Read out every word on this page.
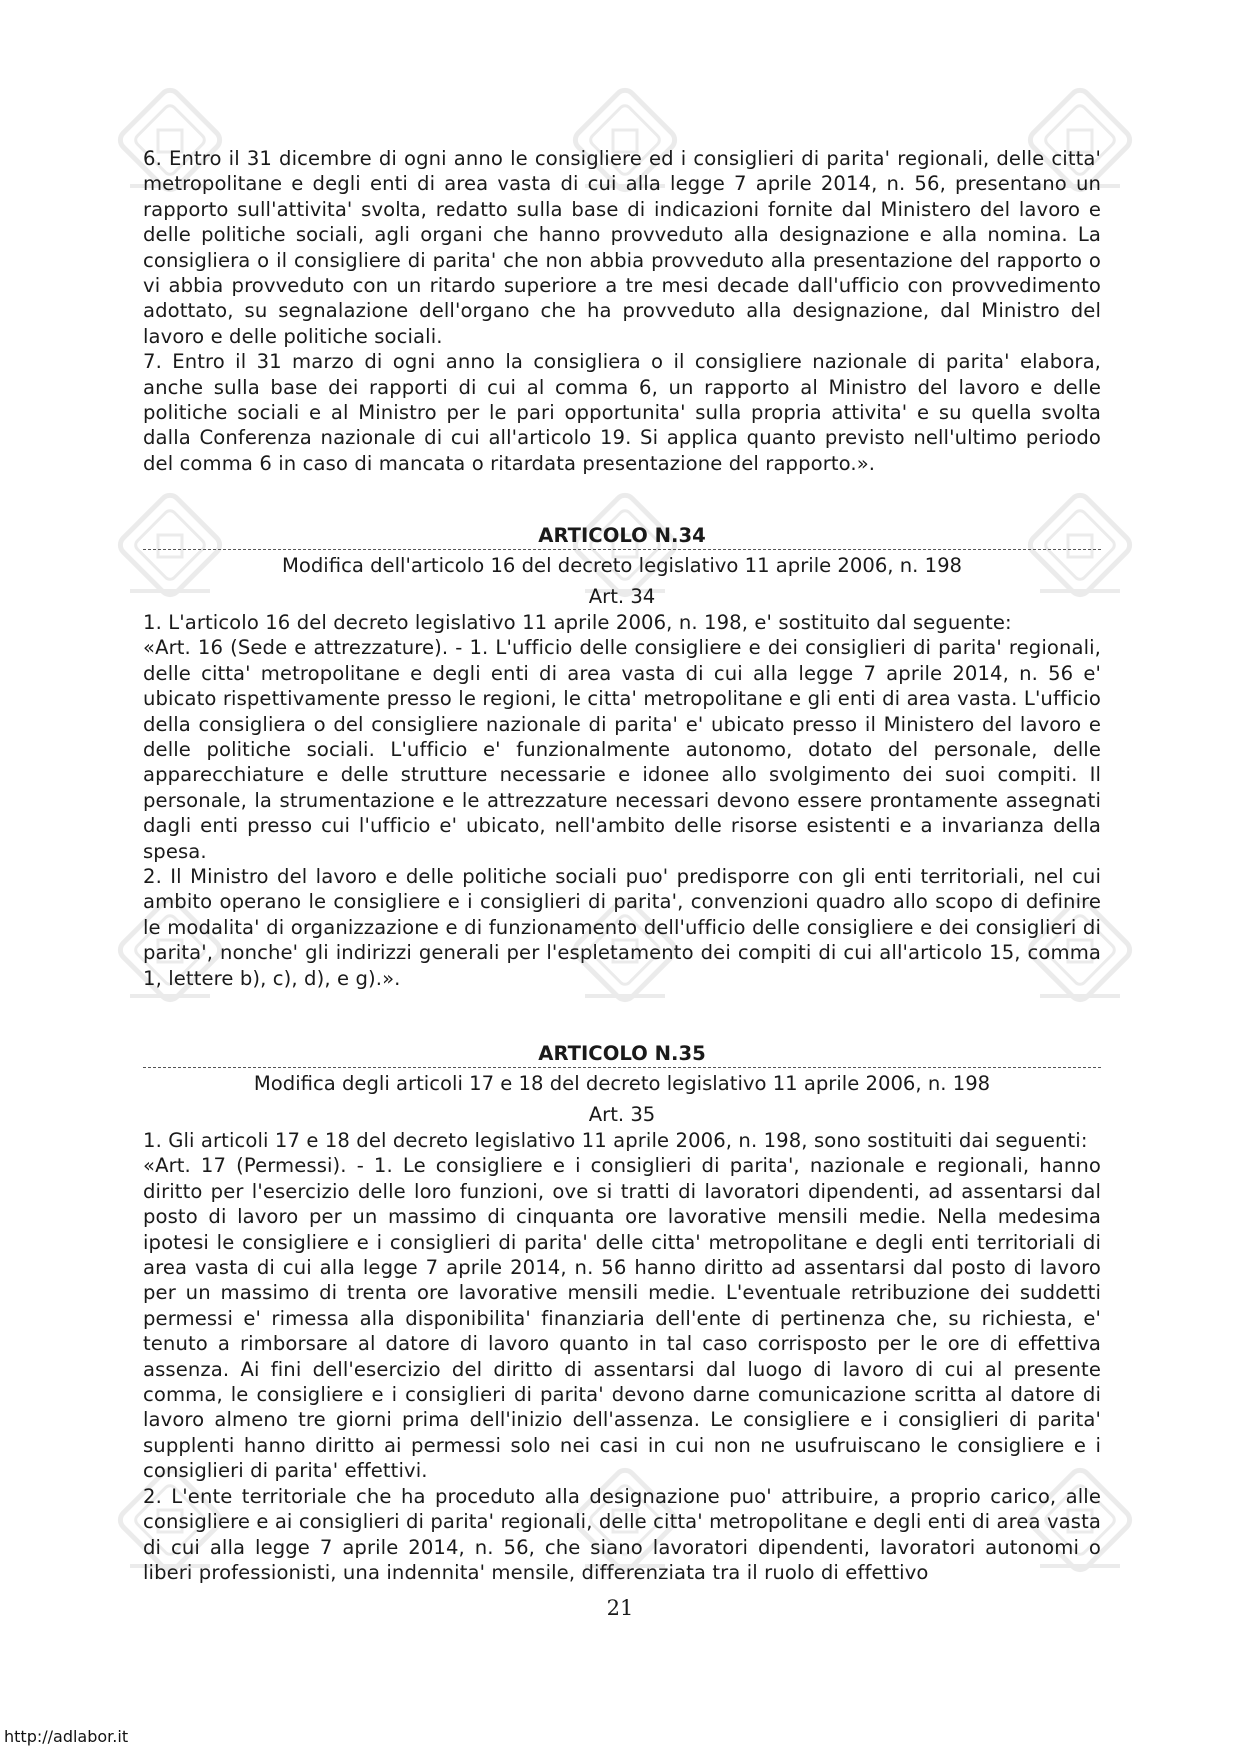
6. Entro il 31 dicembre di ogni anno le consigliere ed i consiglieri di parita' regionali, delle citta' metropolitane e degli enti di area vasta di cui alla legge 7 aprile 2014, n. 56, presentano un rapporto sull'attivita' svolta, redatto sulla base di indicazioni fornite dal Ministero del lavoro e delle politiche sociali, agli organi che hanno provveduto alla designazione e alla nomina. La consigliera o il consigliere di parita' che non abbia provveduto alla presentazione del rapporto o vi abbia provveduto con un ritardo superiore a tre mesi decade dall'ufficio con provvedimento adottato, su segnalazione dell'organo che ha provveduto alla designazione, dal Ministro del lavoro e delle politiche sociali.

7. Entro il 31 marzo di ogni anno la consigliera o il consigliere nazionale di parita' elabora, anche sulla base dei rapporti di cui al comma 6, un rapporto al Ministro del lavoro e delle politiche sociali e al Ministro per le pari opportunita' sulla propria attivita' e su quella svolta dalla Conferenza nazionale di cui all'articolo 19. Si applica quanto previsto nell'ultimo periodo del comma 6 in caso di mancata o ritardata presentazione del rapporto.».

ARTICOLO N.34
Modifica dell'articolo 16 del decreto legislativo 11 aprile 2006, n. 198
Art. 34

1. L'articolo 16 del decreto legislativo 11 aprile 2006, n. 198, e' sostituito dal seguente:

«Art. 16 (Sede e attrezzature). - 1. L'ufficio delle consigliere e dei consiglieri di parita' regionali, delle citta' metropolitane e degli enti di area vasta di cui alla legge 7 aprile 2014, n. 56 e' ubicato rispettivamente presso le regioni, le citta' metropolitane e gli enti di area vasta. L'ufficio della consigliera o del consigliere nazionale di parita' e' ubicato presso il Ministero del lavoro e delle politiche sociali. L'ufficio e' funzionalmente autonomo, dotato del personale, delle apparecchiature e delle strutture necessarie e idonee allo svolgimento dei suoi compiti. Il personale, la strumentazione e le attrezzature necessari devono essere prontamente assegnati dagli enti presso cui l'ufficio e' ubicato, nell'ambito delle risorse esistenti e a invarianza della spesa.

2. Il Ministro del lavoro e delle politiche sociali puo' predisporre con gli enti territoriali, nel cui ambito operano le consigliere e i consiglieri di parita', convenzioni quadro allo scopo di definire le modalita' di organizzazione e di funzionamento dell'ufficio delle consigliere e dei consiglieri di parita', nonche' gli indirizzi generali per l'espletamento dei compiti di cui all'articolo 15, comma 1, lettere b), c), d), e g).».

ARTICOLO N.35
Modifica degli articoli 17 e 18 del decreto legislativo 11 aprile 2006, n. 198
Art. 35

1. Gli articoli 17 e 18 del decreto legislativo 11 aprile 2006, n. 198, sono sostituiti dai seguenti:

«Art. 17 (Permessi). - 1. Le consigliere e i consiglieri di parita', nazionale e regionali, hanno diritto per l'esercizio delle loro funzioni, ove si tratti di lavoratori dipendenti, ad assentarsi dal posto di lavoro per un massimo di cinquanta ore lavorative mensili medie. Nella medesima ipotesi le consigliere e i consiglieri di parita' delle citta' metropolitane e degli enti territoriali di area vasta di cui alla legge 7 aprile 2014, n. 56 hanno diritto ad assentarsi dal posto di lavoro per un massimo di trenta ore lavorative mensili medie. L'eventuale retribuzione dei suddetti permessi e' rimessa alla disponibilita' finanziaria dell'ente di pertinenza che, su richiesta, e' tenuto a rimborsare al datore di lavoro quanto in tal caso corrisposto per le ore di effettiva assenza. Ai fini dell'esercizio del diritto di assentarsi dal luogo di lavoro di cui al presente comma, le consigliere e i consiglieri di parita' devono darne comunicazione scritta al datore di lavoro almeno tre giorni prima dell'inizio dell'assenza. Le consigliere e i consiglieri di parita' supplenti hanno diritto ai permessi solo nei casi in cui non ne usufruiscano le consigliere e i consiglieri di parita' effettivi.

2. L'ente territoriale che ha proceduto alla designazione puo' attribuire, a proprio carico, alle consigliere e ai consiglieri di parita' regionali, delle citta' metropolitane e degli enti di area vasta di cui alla legge 7 aprile 2014, n. 56, che siano lavoratori dipendenti, lavoratori autonomi o liberi professionisti, una indennita' mensile, differenziata tra il ruolo di effettivo

21
http://adlabor.it
